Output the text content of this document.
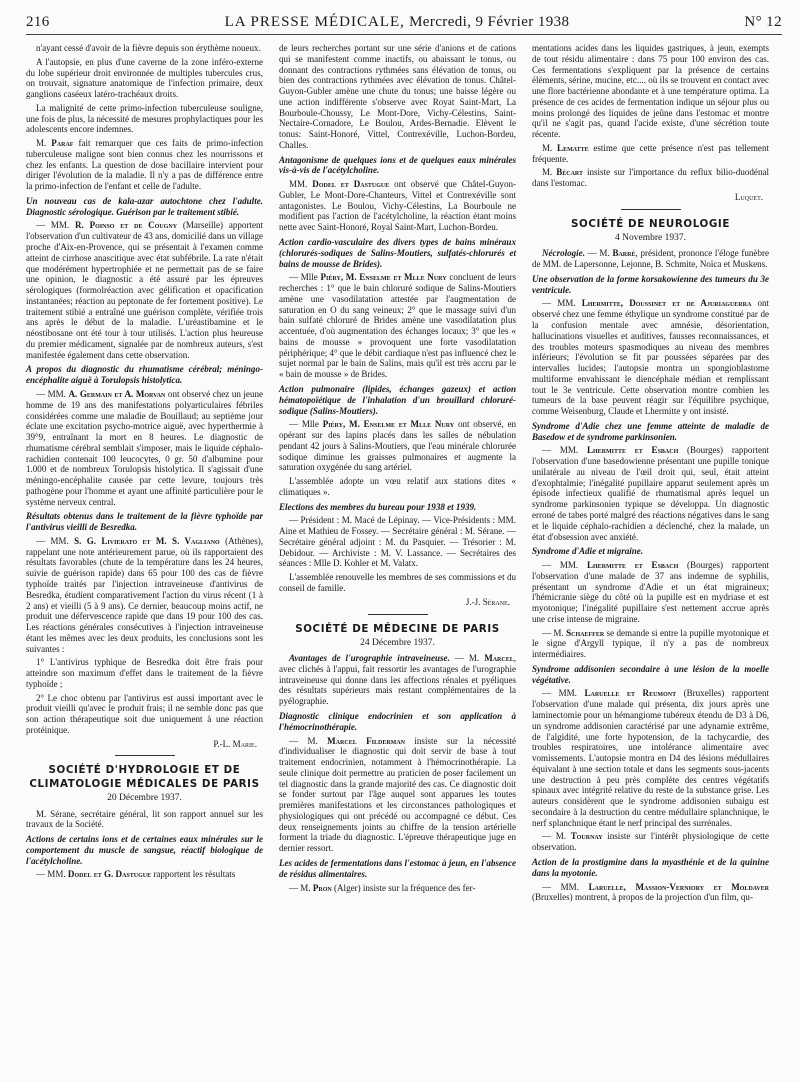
216	LA PRESSE MÉDICALE, Mercredi, 9 Février 1938	N° 12

n'ayant cessé d'avoir de la fièvre depuis son érythème noueux.

A l'autopsie, en plus d'une caverne de la zone inféro-externe du lobe supérieur droit environnée de multiples tubercules crus, on trouvait, signature anatomique de l'infection primaire, deux ganglions caséeux latéro-trachéaux droits.

La malignité de cette primo-infection tuberculeuse souligne, une fois de plus, la nécessité de mesures prophylactiques pour les adolescents encore indemnes.

M. Paraf fait remarquer que ces faits de primo-infection tuberculeuse maligne sont bien connus chez les nourrissons et chez les enfants. La question de dose bacillaire intervient pour diriger l'évolution de la maladie. Il n'y a pas de différence entre la primo-infection de l'enfant et celle de l'adulte.

Un nouveau cas de kala-azar autochtone chez l'adulte. Diagnostic sérologique. Guérison par le traitement stibié.

— MM. R. Poinso et de Cougny (Marseille) apportent l'observation d'un cultivateur de 43 ans, domicilié dans un village proche d'Aix-en-Provence, qui se présentait à l'examen comme atteint de cirrhose anascitique avec état subfébrile. La rate n'était que modérément hypertrophiée et ne permettait pas de se faire une opinion, le diagnostic a été assuré par les épreuves sérologiques (formolréaction avec gélification et opacification instantanées; réaction au peptonate de fer fortement positive). Le traitement stibié a entraîné une guérison complète, vérifiée trois ans après le début de la maladie. L'uréastibamine et le néostibosane ont été tour à tour utilisés. L'action plus heureuse du premier médicament, signalée par de nombreux auteurs, s'est manifestée également dans cette observation.

A propos du diagnostic du rhumatisme cérébral; méningo-encéphalite aiguë à Torulopsis histolytica.

— MM. A. Germain et A. Morvan ont observé chez un jeune homme de 19 ans des manifestations polyarticulaires fébriles considérées comme une maladie de Bouillaud; au septième jour éclate une excitation psycho-motrice aiguë, avec hyperthermie à 39°9, entraînant la mort en 8 heures. Le diagnostic de rhumatisme cérébral semblait s'imposer, mais le liquide céphalo-rachidien contenait 100 leucocytes, 0 gr. 50 d'albumine pour 1.000 et de nombreux Torulopsis histolytica. Il s'agissait d'une méningo-encéphalite causée par cette levure, toujours très pathogène pour l'homme et ayant une affinité particulière pour le système nerveux central.

Résultats obtenus dans le traitement de la fièvre typhoïde par l'antivirus vieilli de Besredka.

— MM. S. G. Livierato et M. S. Vagliano (Athènes), rappelant une note antérieurement parue, où ils rapportaient des résultats favorables (chute de la température dans les 24 heures, suivie de guérison rapide) dans 65 pour 100 des cas de fièvre typhoïde traités par l'injection intraveineuse d'antivirus de Besredka, étudient comparativement l'action du virus récent (1 à 2 ans) et vieilli (5 à 9 ans). Ce dernier, beaucoup moins actif, ne produit une défervescence rapide que dans 19 pour 100 des cas. Les réactions générales consécutives à l'injection intraveineuse étant les mêmes avec les deux produits, les conclusions sont les suivantes :

1° L'antivirus typhique de Besredka doit être frais pour atteindre son maximum d'effet dans le traitement de la fièvre typhoïde ;

2° Le choc obtenu par l'antivirus est aussi important avec le produit vieilli qu'avec le produit frais; il ne semble donc pas que son action thérapeutique soit due uniquement à une réaction protéinique.

P.-L. Marie.

SOCIÉTÉ D'HYDROLOGIE ET DE CLIMATOLOGIE MÉDICALES DE PARIS
20 Décembre 1937.

M. Sérane, secrétaire général, lit son rapport annuel sur les travaux de la Société.

Actions de certains ions et de certaines eaux minérales sur le comportement du muscle de sangsue, réactif biologique de l'acétylcholine.

— MM. Dodel et G. Dastugue rapportent les résultats

de leurs recherches portant sur une série d'anions et de cations qui se manifestent comme inactifs, ou abaissant le tonus, ou donnant des contractions rythmées sans élévation de tonus, ou bien des contractions rythmées avec élévation de tonus. Châtel-Guyon-Gubler amène une chute du tonus; une baisse légère ou une action indifférente s'observe avec Royat Saint-Mart, La Bourboule-Choussy, Le Mont-Dore, Vichy-Célestins, Saint-Nectaire-Cornadore, Le Boulou, Ardes-Bernadie. Elèvent le tonus: Saint-Honoré, Vittel, Contrexéville, Luchon-Bordeu, Challes.

Antagonisme de quelques ions et de quelques eaux minérales vis-à-vis de l'acétylcholine.

MM. Dodel et Dastugue ont observé que Châtel-Guyon-Gubler, Le Mont-Dore-Chanteurs, Vittel et Contrexéville sont antagonistes. Le Boulou, Vichy-Célestins, La Bourboule ne modifient pas l'action de l'acétylcholine, la réaction étant moins nette avec Saint-Honoré, Royal Saint-Mart, Luchon-Bordeu.

Action cardio-vasculaire des divers types de bains minéraux (chlorurés-sodiques de Salins-Moutiers, sulfatés-chlorurés et bains de mousse de Brides).

— Mlle Piéry, M. Enselme et Mlle Nury concluent de leurs recherches : 1° que le bain chloruré sodique de Salins-Moutiers amène une vasodilatation attestée par l'augmentation de saturation en O du sang veineux; 2° que le massage suivi d'un bain sulfaté chloruré de Brides amène une vasodilatation plus accentuée, d'où augmentation des échanges locaux; 3° que les « bains de mousse » provoquent une forte vasodilatation périphérique; 4° que le débit cardiaque n'est pas influencé chez le sujet normal par le bain de Salins, mais qu'il est très accru par le « bain de mousse » de Brides.

Action pulmonaire (lipides, échanges gazeux) et action hématopoïétique de l'inhalation d'un brouillard chloruré-sodique (Salins-Moutiers).

— Mlle Piéry, M. Enselme et Mlle Nury ont observé, en opérant sur des lapins placés dans les salles de nébulation pendant 42 jours à Salins-Moutiers, que l'eau minérale chlorurée sodique diminue les graisses pulmonaires et augmente la saturation oxygénée du sang artériel.

L'assemblée adopte un vœu relatif aux stations dites « climatiques ».

Elections des membres du bureau pour 1938 et 1939.

— Président : M. Macé de Lépinay. — Vice-Présidents : MM. Aine et Mathieu de Fossey. — Secrétaire général : M. Sérane. — Secrétaire général adjoint : M. du Pasquier. — Trésorier : M. Debidour. — Archiviste : M. V. Lassance. — Secrétaires des séances : Mlle D. Kohler et M. Valatx.

L'assemblée renouvelle les membres de ses commissions et du conseil de famille.

J.-J. Sérane.

SOCIÉTÉ DE MÉDECINE DE PARIS
24 Décembre 1937.

Avantages de l'urographie intraveineuse. — M. Marcel, avec clichés à l'appui, fait ressortir les avantages de l'urographie intraveineuse qui donne dans les affections rénales et pyéliques des résultats supérieurs mais restant complémentaires de la pyélographie.

Diagnostic clinique endocrinien et son application à l'hémocrinothérapie.

— M. Marcel Filderman insiste sur la nécessité d'individualiser le diagnostic qui doit servir de base à tout traitement endocrinien, notamment à l'hémocrinothérapie. La seule clinique doit permettre au praticien de poser facilement un tel diagnostic dans la grande majorité des cas. Ce diagnostic doit se fonder surtout par l'âge auquel sont apparues les toutes premières manifestations et les circonstances pathologiques et physiologiques qui ont précédé ou accompagné ce début. Ces deux renseignements joints au chiffre de la tension artérielle forment la triade du diagnostic. L'épreuve thérapeutique juge en dernier ressort.

Les acides de fermentations dans l'estomac à jeun, en l'absence de résidus alimentaires.

— M. Pron (Alger) insiste sur la fréquence des fer-

mentations acides dans les liquides gastriques, à jeun, exempts de tout résidu alimentaire : dans 75 pour 100 environ des cas. Ces fermentations s'expliquent par la présence de certains éléments, sérine, mucine, etc.... où ils se trouvent en contact avec une flore bactérienne abondante et à une température optima. La présence de ces acides de fermentation indique un séjour plus ou moins prolongé des liquides de jeûne dans l'estomac et montre qu'il ne s'agit pas, quand l'acide existe, d'une sécrétion toute récente.

M. Lematte estime que cette présence n'est pas tellement fréquente.

M. Bécart insiste sur l'importance du reflux bilio-duodénal dans l'estomac.

Luquet.

SOCIÉTÉ DE NEUROLOGIE
4 Novembre 1937.

Nécrologie. — M. Barré, président, prononce l'éloge funèbre de MM. de Lapersonne, Lejonne, B. Schmite, Noïca et Muskens.

Une observation de la forme korsakowienne des tumeurs du 3e ventricule.

— MM. Lhermitte, Doussinet et de Ajuriaguerra ont observé chez une femme éthylique un syndrome constitué par de la confusion mentale avec amnésie, désorientation, hallucinations visuelles et auditives, fausses reconnaissances, et des troubles moteurs spasmodiques au niveau des membres inférieurs; l'évolution se fit par poussées séparées par des intervalles lucides; l'autopsie montra un spongioblastome multiforme envahissant le diencéphale médian et remplissant tout le 3e ventricule. Cette observation montre combien les tumeurs de la base peuvent réagir sur l'équilibre psychique, comme Weisenburg, Claude et Lhermitte y ont insisté.

Syndrome d'Adie chez une femme atteinte de maladie de Basedow et de syndrome parkinsonien.

— MM. Lhermitte et Esbach (Bourges) rapportent l'observation d'une basedowienne présentant une pupille tonique unilatérale au niveau de l'œil droit qui, seul, était atteint d'exophtalmie; l'inégalité pupillaire apparut seulement après un épisode infectieux qualifié de rhumatismal après lequel un syndrome parkinsonien typique se développa. Un diagnostic erroné de tabes porté malgré des réactions négatives dans le sang et le liquide céphalo-rachidien a déclenché, chez la malade, un état d'obsession avec anxiété.

Syndrome d'Adie et migraine.

— MM. Lhermitte et Esbach (Bourges) rapportent l'observation d'une malade de 37 ans indemne de syphilis, présentant un syndrome d'Adie et un état migraineux; l'hémicranie siège du côté où la pupille est en mydriase et est myotonique; l'inégalité pupillaire s'est nettement accrue après une crise intense de migraine.

— M. Schaeffer se demande si entre la pupille myotonique et le signe d'Argyll typique, il n'y a pas de nombreux intermédiaires.

Syndrome addisonien secondaire à une lésion de la moelle végétative.

— MM. Laruelle et Reumont (Bruxelles) rapportent l'observation d'une malade qui présenta, dix jours après une laminectomie pour un hémangiome tubéreux étendu de D3 à D6, un syndrome addisonien caractérisé par une adynamie extrême, de l'algidité, une forte hypotension, de la tachycardie, des troubles respiratoires, une intolérance alimentaire avec vomissements. L'autopsie montra en D4 des lésions médullaires équivalant à une section totale et dans les segments sous-jacents une destruction à peu près complète des centres végétatifs spinaux avec intégrité relative du reste de la substance grise. Les auteurs considèrent que le syndrome addisonien subaigu est secondaire à la destruction du centre médullaire splanchnique, le nerf splanchnique étant le nerf principal des surrénales.

— M. Tournay insiste sur l'intérêt physiologique de cette observation.

Action de la prostigmine dans la myasthénie et de la quinine dans la myotonie.

— MM. Laruelle, Massion-Verniory et Moldaver (Bruxelles) montrent, à propos de la projection d'un film, qu-
